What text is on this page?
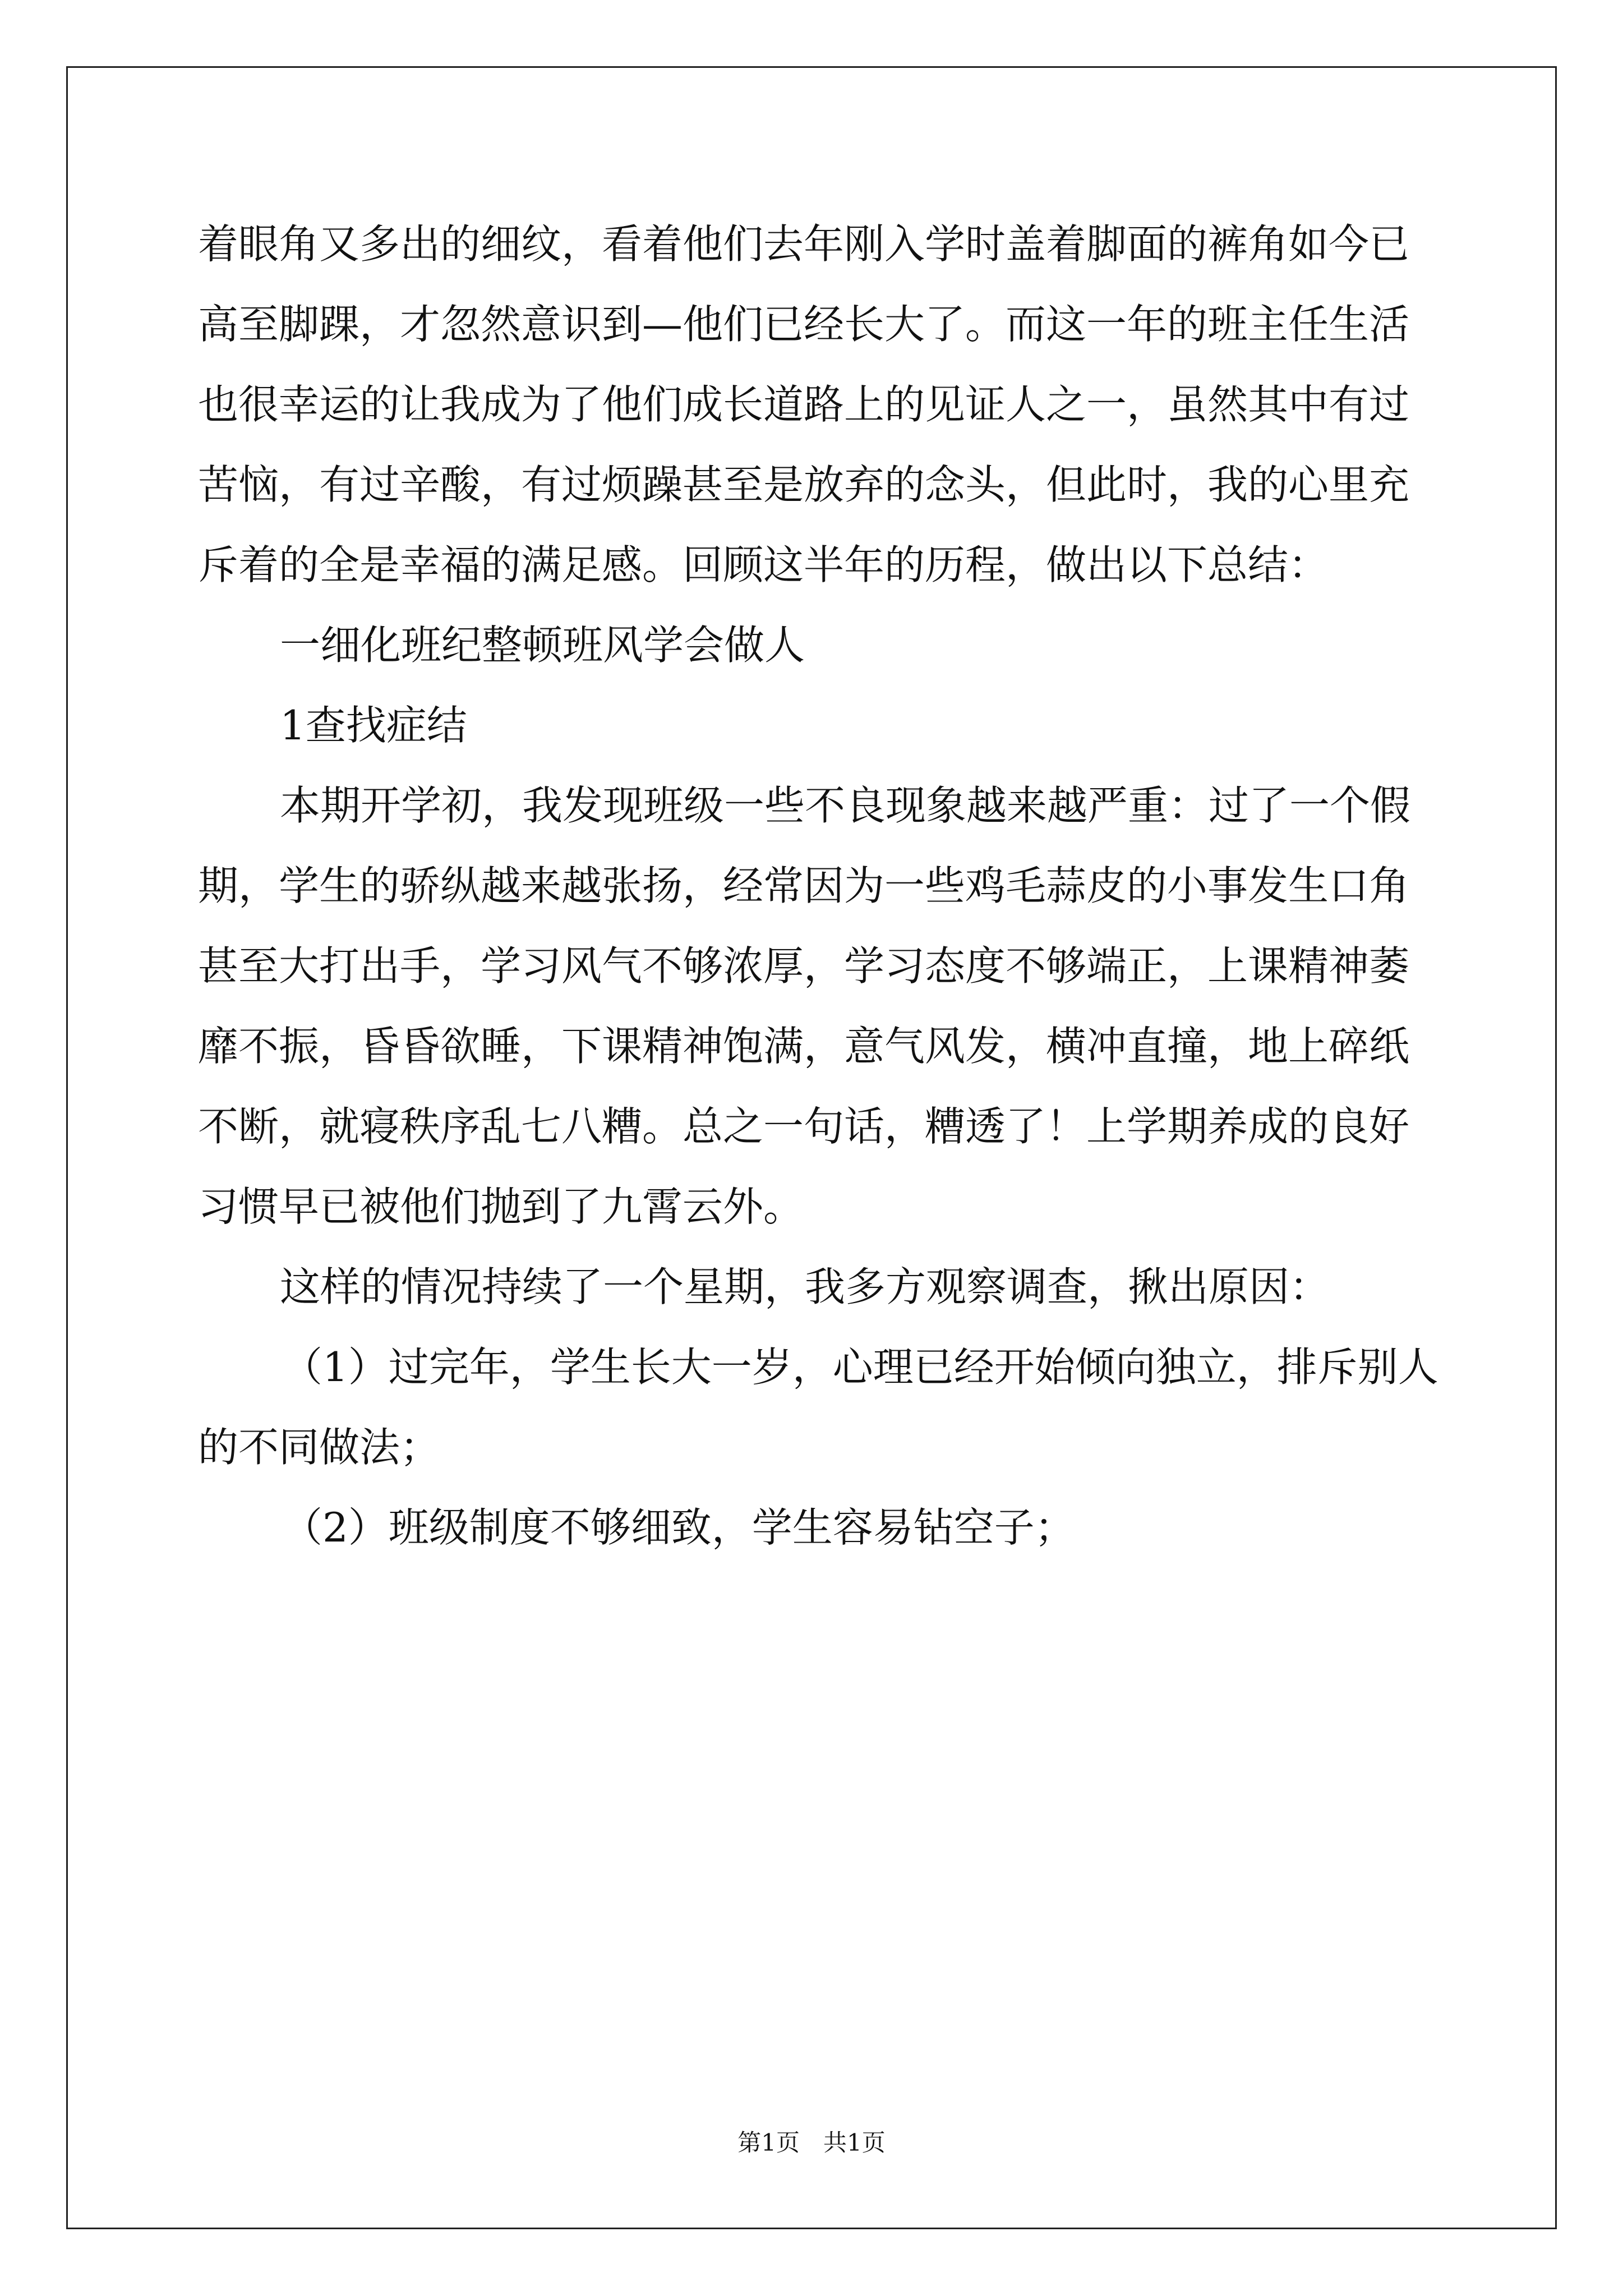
着眼角又多出的细纹，看着他们去年刚入学时盖着脚面的裤角如今已
高至脚踝，才忽然意识到—他们已经长大了。而这一年的班主任生活
也很幸运的让我成为了他们成长道路上的见证人之一，虽然其中有过
苦恼，有过辛酸，有过烦躁甚至是放弃的念头，但此时，我的心里充
斥着的全是幸福的满足感。回顾这半年的历程，做出以下总结：
一细化班纪整顿班风学会做人
1查找症结
本期开学初，我发现班级一些不良现象越来越严重：过了一个假
期，学生的骄纵越来越张扬，经常因为一些鸡毛蒜皮的小事发生口角
甚至大打出手，学习风气不够浓厚，学习态度不够端正，上课精神萎
靡不振，昏昏欲睡，下课精神饱满，意气风发，横冲直撞，地上碎纸
不断，就寝秩序乱七八糟。总之一句话，糟透了！上学期养成的良好
习惯早已被他们抛到了九霄云外。
这样的情况持续了一个星期，我多方观察调查，揪出原因：
（1）过完年，学生长大一岁，心理已经开始倾向独立，排斥别人
的不同做法；
（2）班级制度不够细致，学生容易钻空子；
第1页　共1页
